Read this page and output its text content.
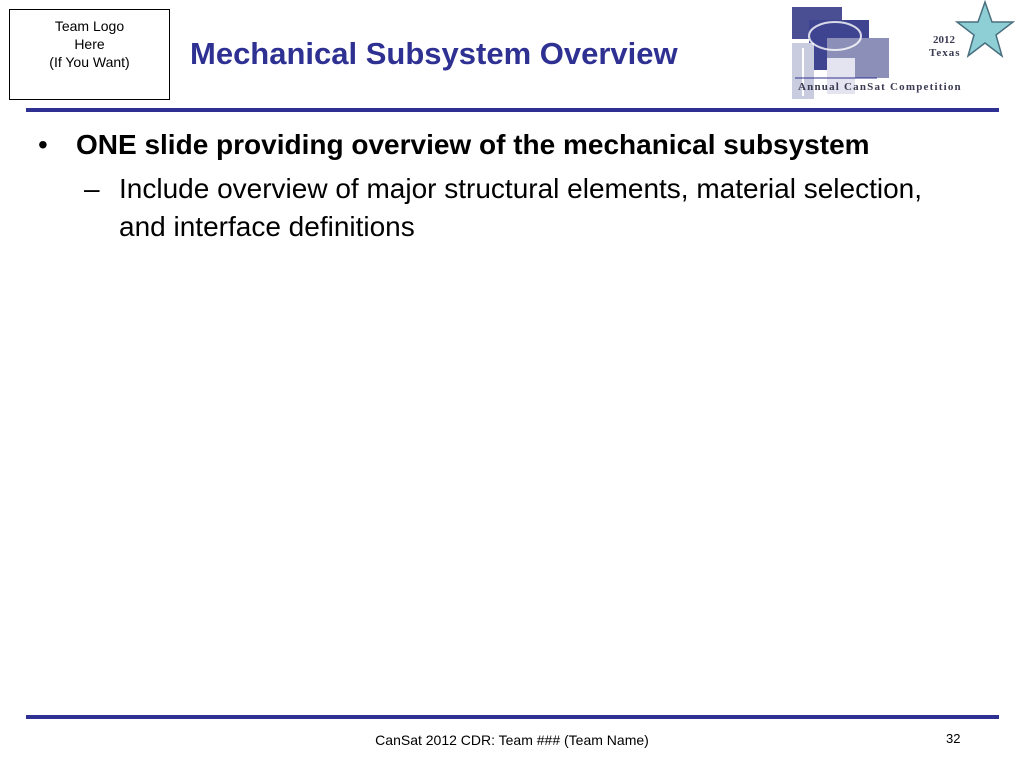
Team Logo
Here
(If You Want) Mechanical Subsystem Overview	2012
Texas
Annual CanSat Competition
• ONE slide providing overview of the mechanical subsystem
– Include overview of major structural elements, material selection, and interface definitions
CanSat 2012 CDR: Team ### (Team Name)	32
